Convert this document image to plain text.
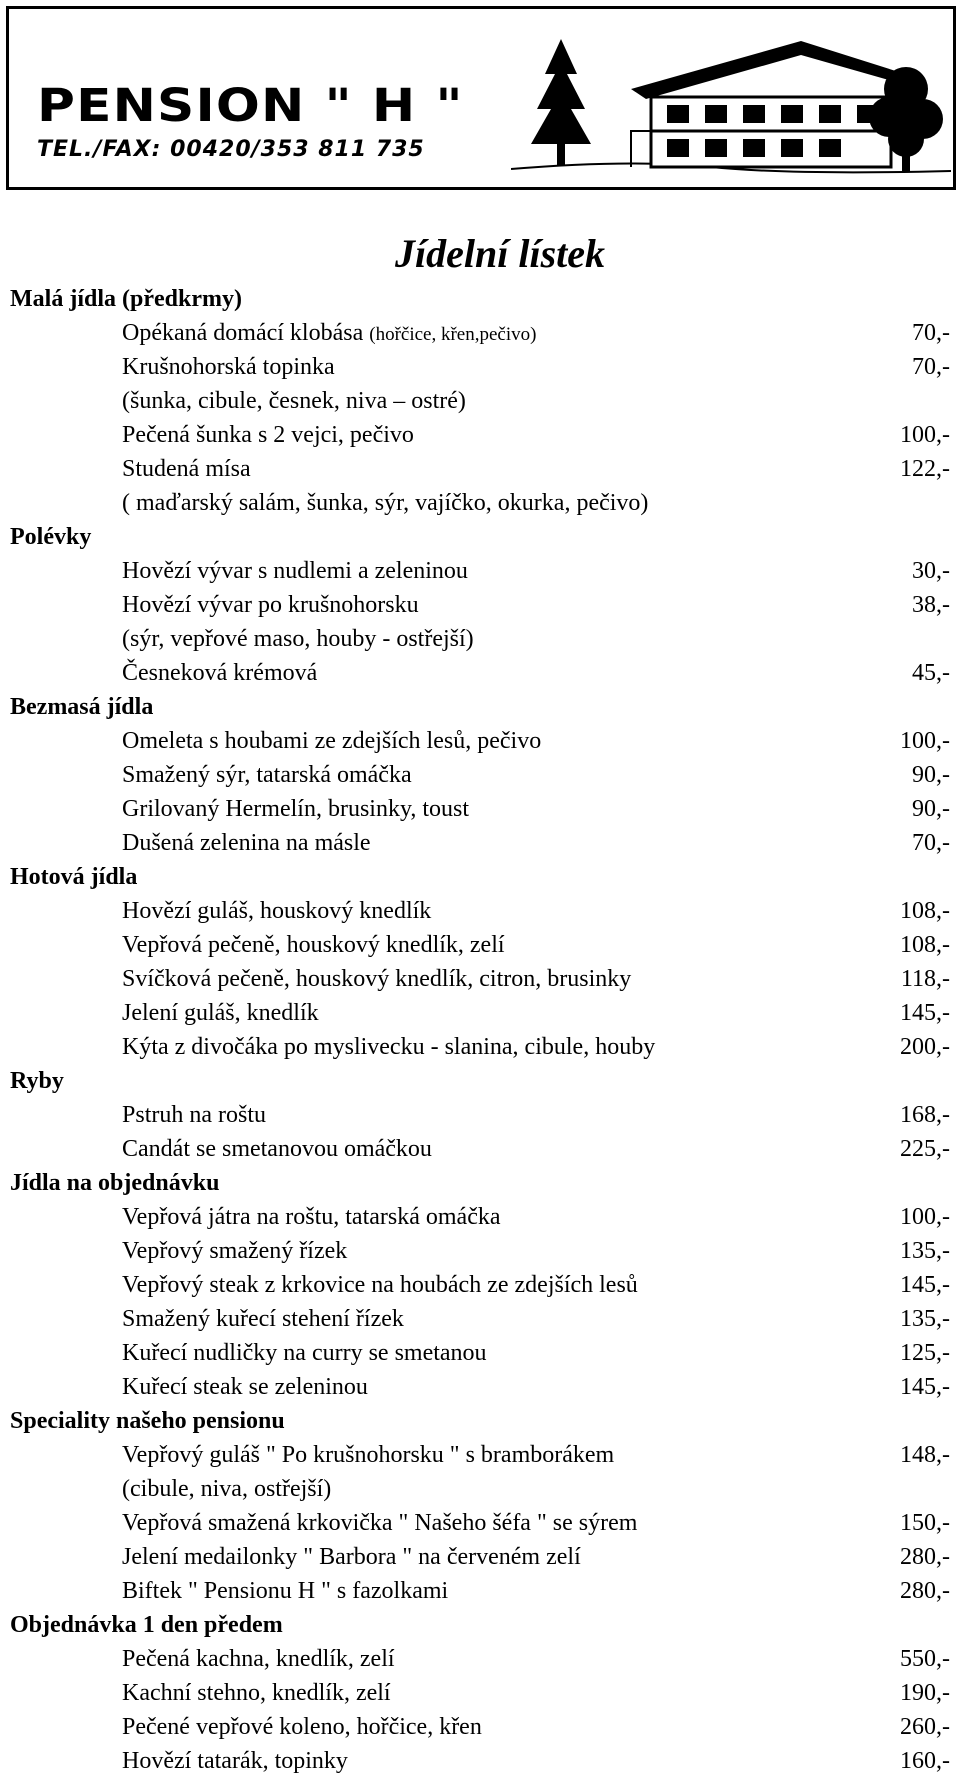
PENSION " H "
TEL./FAX: 00420/353 811 735
Jídelní lístek
Malá jídla (předkrmy)
Opékaná domácí klobása (hořčice, křen,pečivo)	70,-
Krušnohorská topinka	70,-
(šunka, cibule, česnek, niva – ostré)
Pečená šunka s 2 vejci, pečivo	100,-
Studená mísa	122,-
( maďarský salám, šunka, sýr, vajíčko, okurka, pečivo)
Polévky
Hovězí vývar s nudlemi a zeleninou	30,-
Hovězí vývar po krušnohorsku	38,-
(sýr, vepřové maso, houby - ostřejší)
Česneková krémová	45,-
Bezmasá jídla
Omeleta s houbami ze zdejších lesů, pečivo	100,-
Smažený sýr, tatarská omáčka	90,-
Grilovaný Hermelín, brusinky, toust	90,-
Dušená zelenina na másle	70,-
Hotová jídla
Hovězí guláš, houskový knedlík	108,-
Vepřová pečeně, houskový knedlík, zelí	108,-
Svíčková pečeně, houskový knedlík, citron, brusinky	118,-
Jelení guláš, knedlík	145,-
Kýta z divočáka po myslivecku - slanina, cibule, houby	200,-
Ryby
Pstruh na roštu	168,-
Candát se smetanovou omáčkou	225,-
Jídla na objednávku
Vepřová játra na roštu, tatarská omáčka	100,-
Vepřový smažený řízek	135,-
Vepřový steak z krkovice na houbách ze zdejších lesů	145,-
Smažený kuřecí stehení řízek	135,-
Kuřecí nudličky na curry se smetanou	125,-
Kuřecí steak se zeleninou	145,-
Speciality našeho pensionu
Vepřový guláš " Po krušnohorsku " s bramborákem	148,-
(cibule, niva, ostřejší)
Vepřová smažená krkovička " Našeho šéfa " se sýrem	150,-
Jelení medailonky " Barbora " na červeném zelí	280,-
Biftek " Pensionu H " s fazolkami	280,-
Objednávka 1 den předem
Pečená kachna, knedlík, zelí	550,-
Kachní stehno, knedlík, zelí	190,-
Pečené vepřové koleno, hořčice, křen	260,-
Hovězí tatarák, topinky	160,-
